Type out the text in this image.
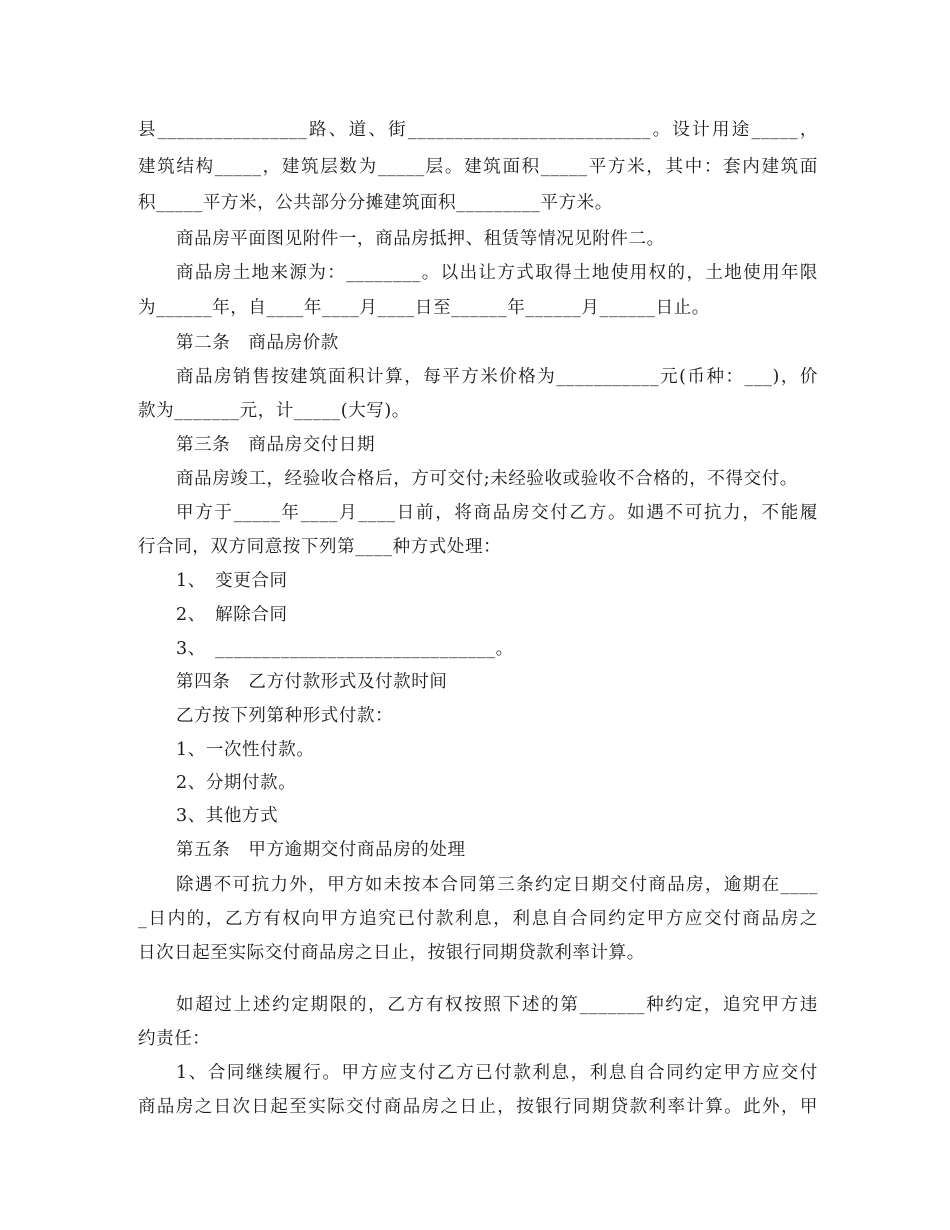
县________________路、道、街__________________________。设计用途_____，
建筑结构_____，建筑层数为_____层。建筑面积_____平方米，其中：套内建筑面
积_____平方米，公共部分分摊建筑面积_________平方米。
商品房平面图见附件一，商品房抵押、租赁等情况见附件二。
商品房土地来源为：________。以出让方式取得土地使用权的，土地使用年限
为______年，自____年____月____日至______年______月______日止。
第二条　商品房价款
商品房销售按建筑面积计算，每平方米价格为___________元(币种：___)，价
款为_______元，计_____(大写)。
第三条　商品房交付日期
商品房竣工，经验收合格后，方可交付;未经验收或验收不合格的，不得交付。
甲方于_____年____月____日前，将商品房交付乙方。如遇不可抗力，不能履
行合同，双方同意按下列第____种方式处理：
1、　变更合同
2、　解除合同
3、　______________________________。
第四条　乙方付款形式及付款时间
乙方按下列第种形式付款：
1、一次性付款。
2、分期付款。
3、其他方式
第五条　甲方逾期交付商品房的处理
除遇不可抗力外，甲方如未按本合同第三条约定日期交付商品房，逾期在____
_日内的，乙方有权向甲方追究已付款利息，利息自合同约定甲方应交付商品房之
日次日起至实际交付商品房之日止，按银行同期贷款利率计算。
如超过上述约定期限的，乙方有权按照下述的第_______种约定，追究甲方违
约责任：
1、合同继续履行。甲方应支付乙方已付款利息，利息自合同约定甲方应交付
商品房之日次日起至实际交付商品房之日止，按银行同期贷款利率计算。此外，甲
